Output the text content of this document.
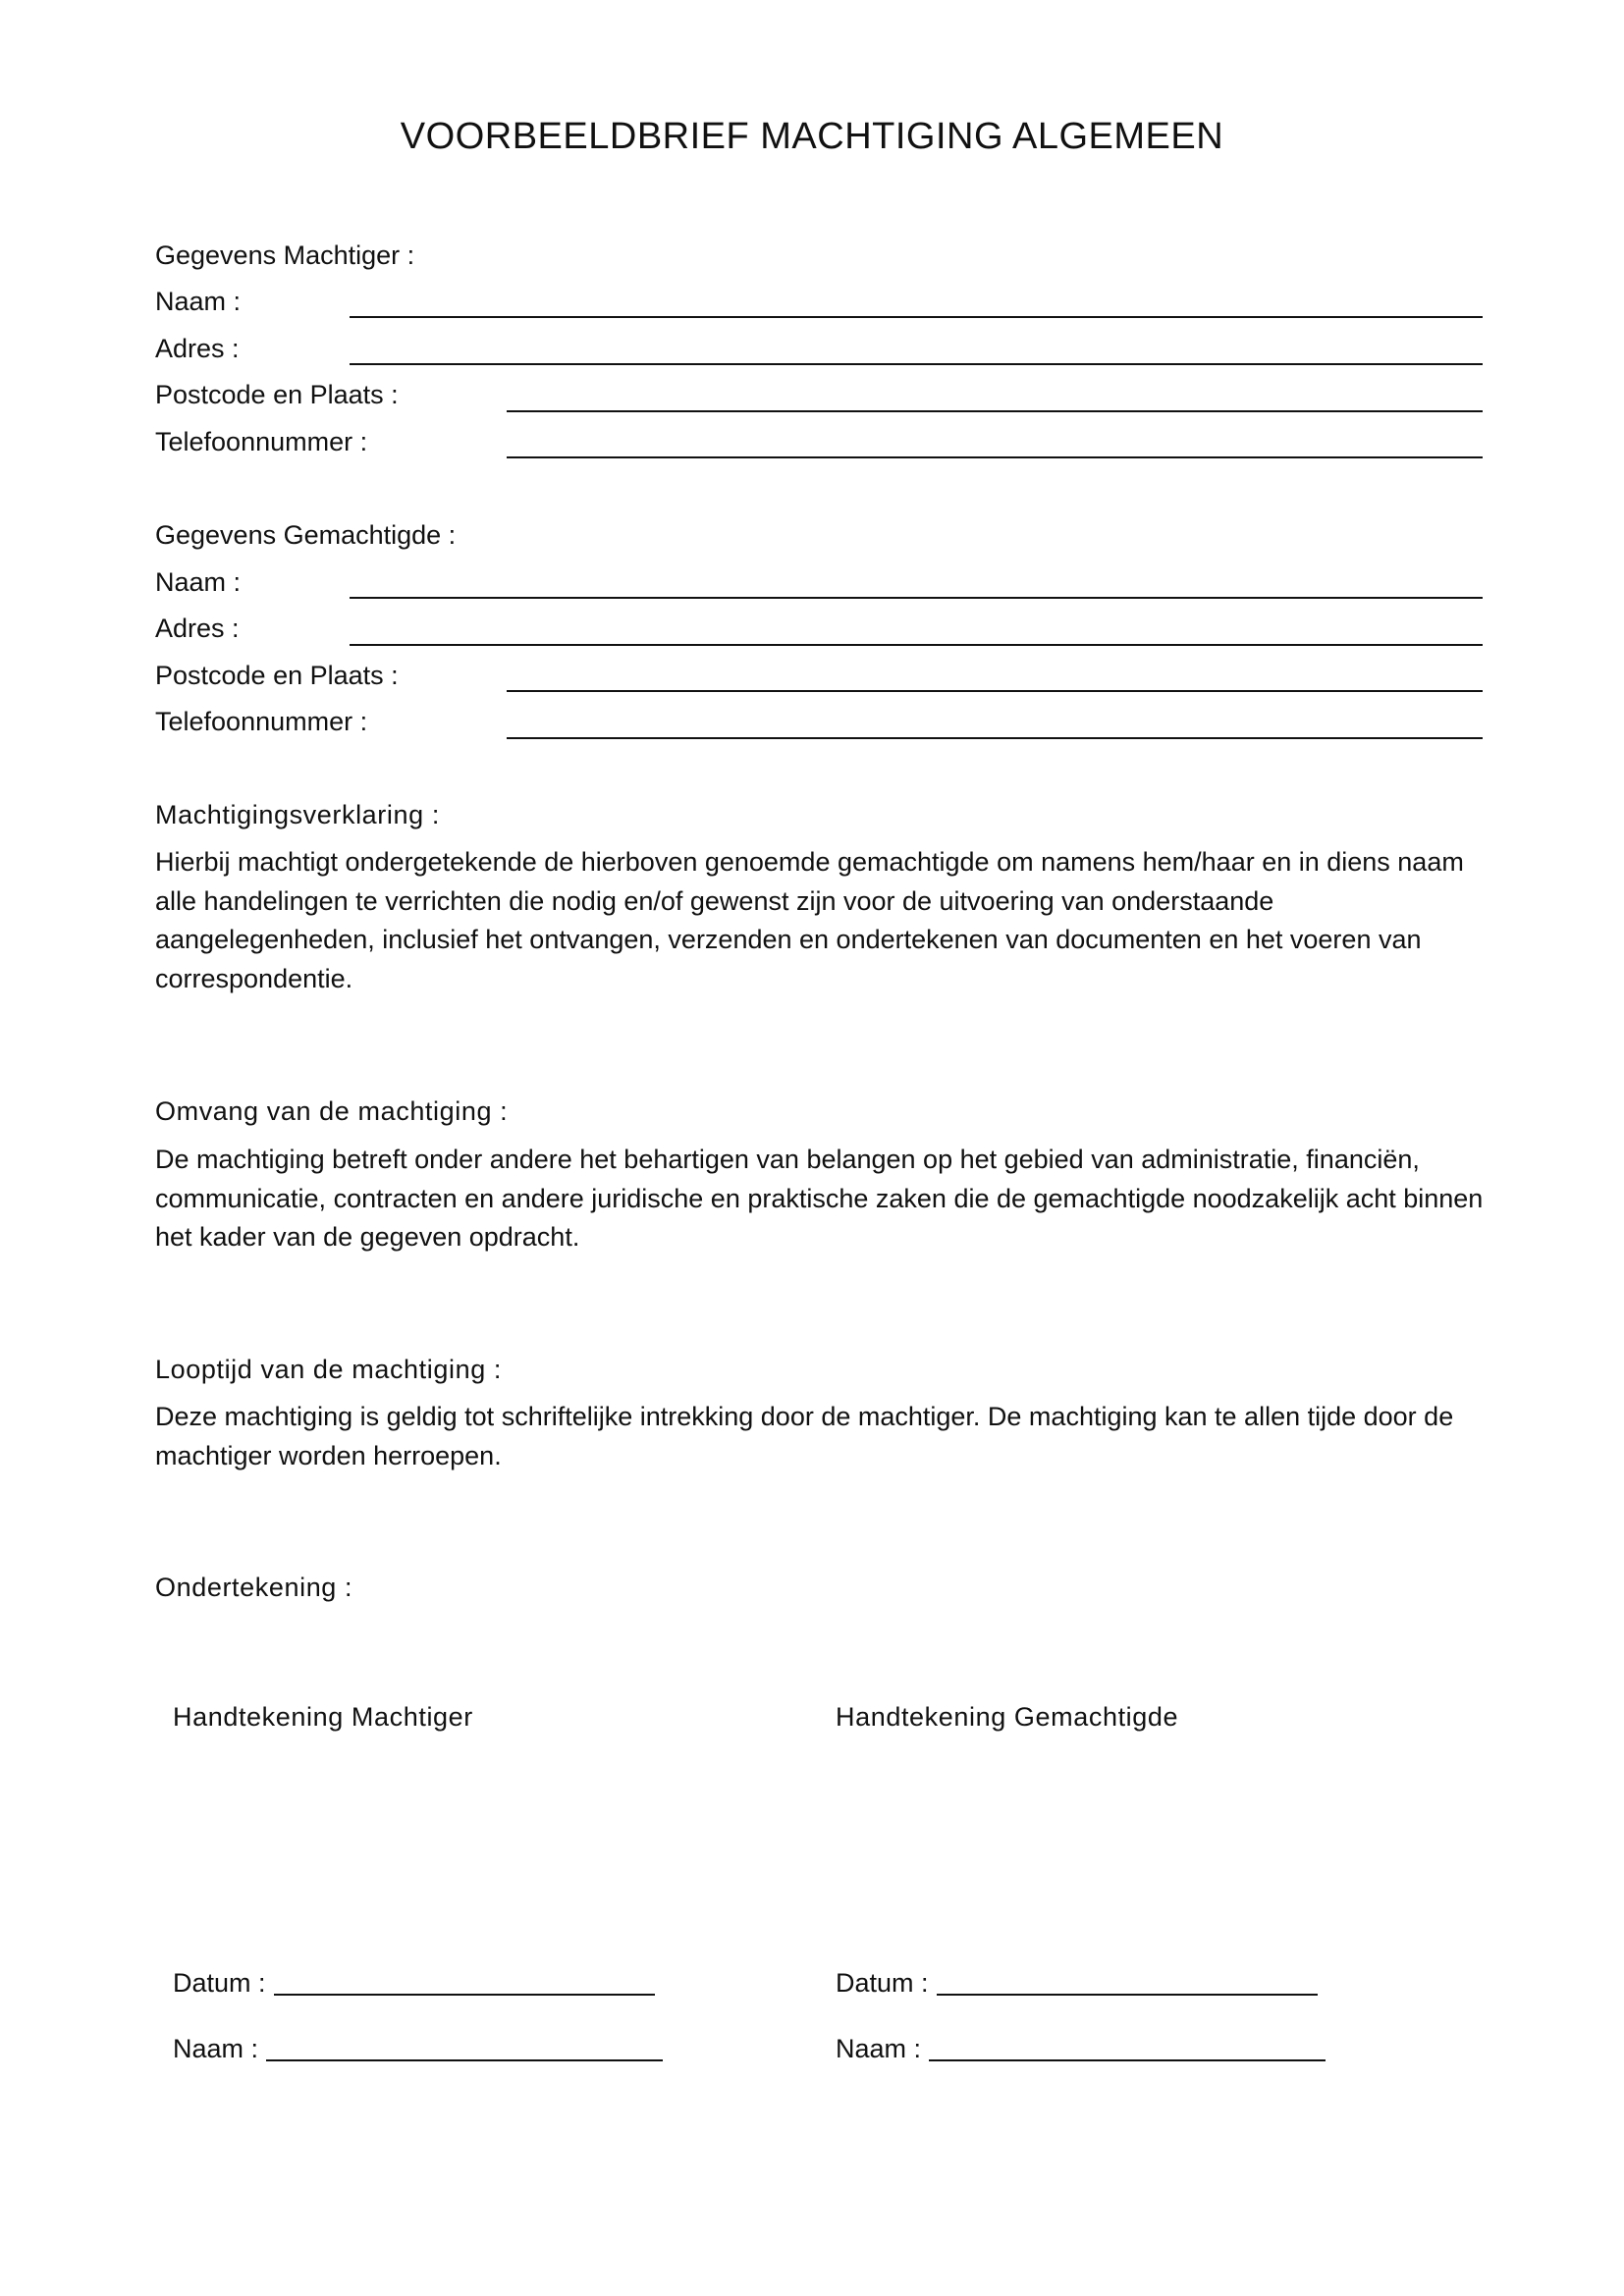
VOORBEELDBRIEF MACHTIGING ALGEMEEN
Gegevens Machtiger :
Naam :
Adres :
Postcode en Plaats :
Telefoonnummer :
Gegevens Gemachtigde :
Naam :
Adres :
Postcode en Plaats :
Telefoonnummer :
Machtigingsverklaring :
Hierbij machtigt ondergetekende de hierboven genoemde gemachtigde om namens hem/haar en in diens naam alle handelingen te verrichten die nodig en/of gewenst zijn voor de uitvoering van onderstaande aangelegenheden, inclusief het ontvangen, verzenden en ondertekenen van documenten en het voeren van correspondentie.
Omvang van de machtiging :
De machtiging betreft onder andere het behartigen van belangen op het gebied van administratie, financiën, communicatie, contracten en andere juridische en praktische zaken die de gemachtigde noodzakelijk acht binnen het kader van de gegeven opdracht.
Looptijd van de machtiging :
Deze machtiging is geldig tot schriftelijke intrekking door de machtiger. De machtiging kan te allen tijde door de machtiger worden herroepen.
Ondertekening :
Handtekening Machtiger	Handtekening Gemachtigde
Datum :
Naam :
Datum :
Naam :
